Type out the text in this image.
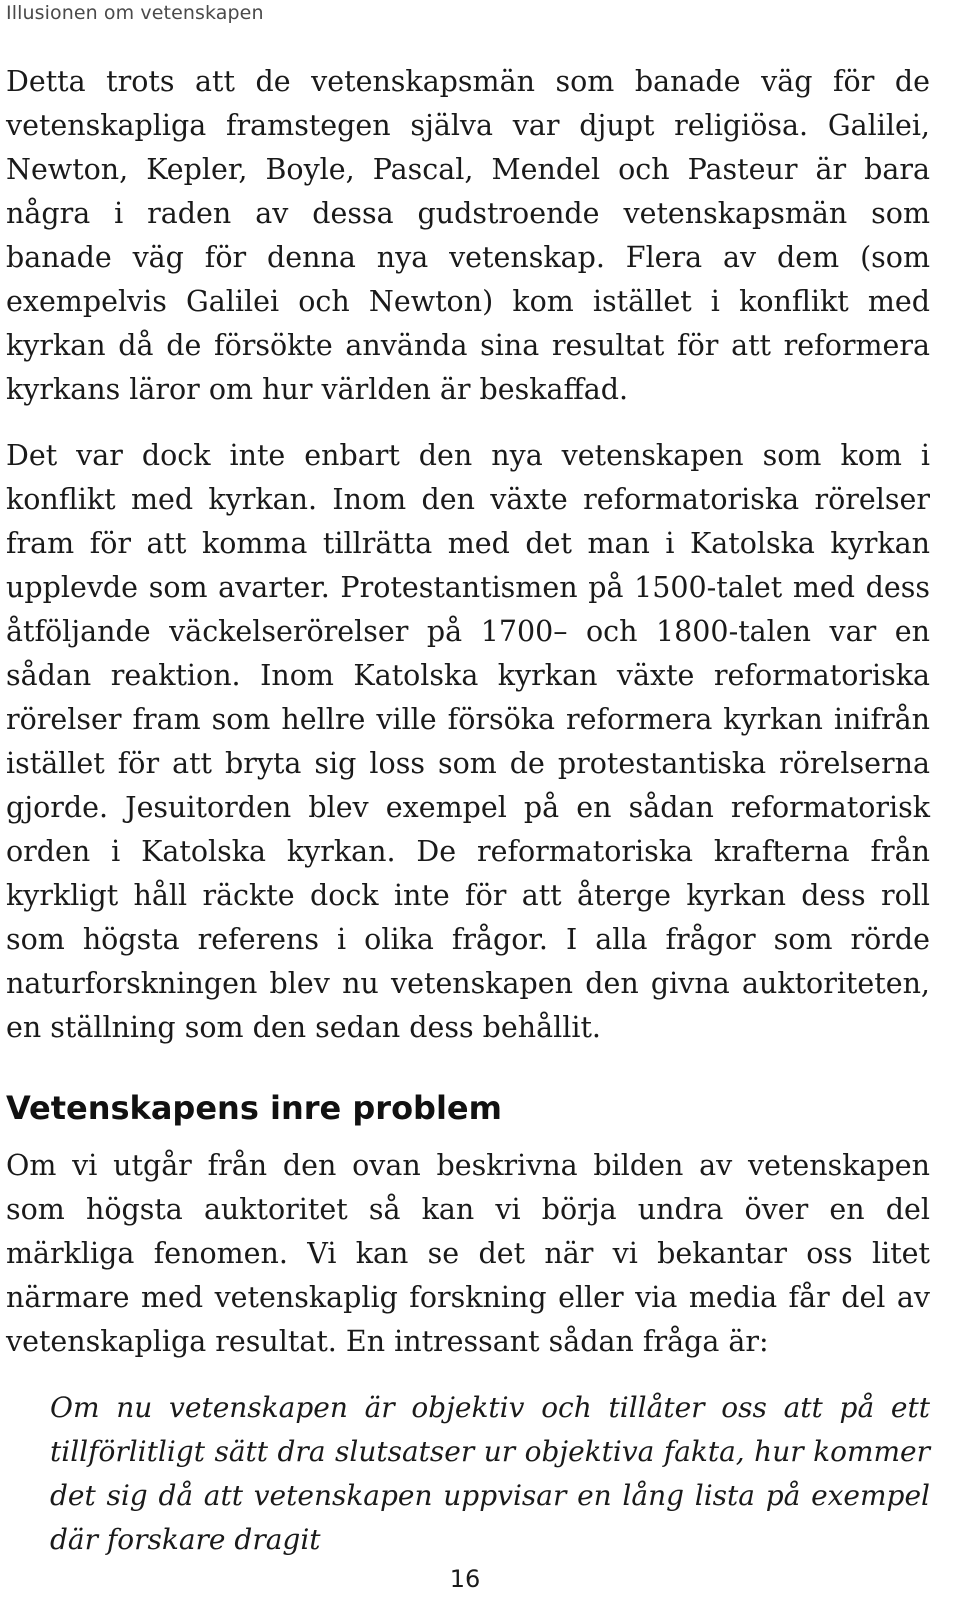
Illusionen om vetenskapen

Detta trots att de vetenskapsmän som banade väg för de vetenskapliga framstegen själva var djupt religiösa. Galilei, Newton, Kepler, Boyle, Pascal, Mendel och Pasteur är bara några i raden av dessa gudstroende vetenskapsmän som banade väg för denna nya vetenskap. Flera av dem (som exempelvis Galilei och Newton) kom istället i konflikt med kyrkan då de försökte använda sina resultat för att reformera kyrkans läror om hur världen är beskaffad.

Det var dock inte enbart den nya vetenskapen som kom i konflikt med kyrkan. Inom den växte reformatoriska rörelser fram för att komma tillrätta med det man i Katolska kyrkan upplevde som avarter. Protestantismen på 1500-talet med dess åtföljande väckelserörelser på 1700– och 1800-talen var en sådan reaktion. Inom Katolska kyrkan växte reformatoriska rörelser fram som hellre ville försöka reformera kyrkan inifrån istället för att bryta sig loss som de protestantiska rörelserna gjorde. Jesuitorden blev exempel på en sådan reformatorisk orden i Katolska kyrkan. De reformatoriska krafterna från kyrkligt håll räckte dock inte för att återge kyrkan dess roll som högsta referens i olika frågor. I alla frågor som rörde naturforskningen blev nu vetenskapen den givna auktoriteten, en ställning som den sedan dess behållit.

Vetenskapens inre problem

Om vi utgår från den ovan beskrivna bilden av vetenskapen som högsta auktoritet så kan vi börja undra över en del märkliga fenomen. Vi kan se det när vi bekantar oss litet närmare med vetenskaplig forskning eller via media får del av vetenskapliga resultat. En intressant sådan fråga är:

Om nu vetenskapen är objektiv och tillåter oss att på ett tillförlitligt sätt dra slutsatser ur objektiva fakta, hur kommer det sig då att vetenskapen uppvisar en lång lista på exempel där forskare dragit

16
